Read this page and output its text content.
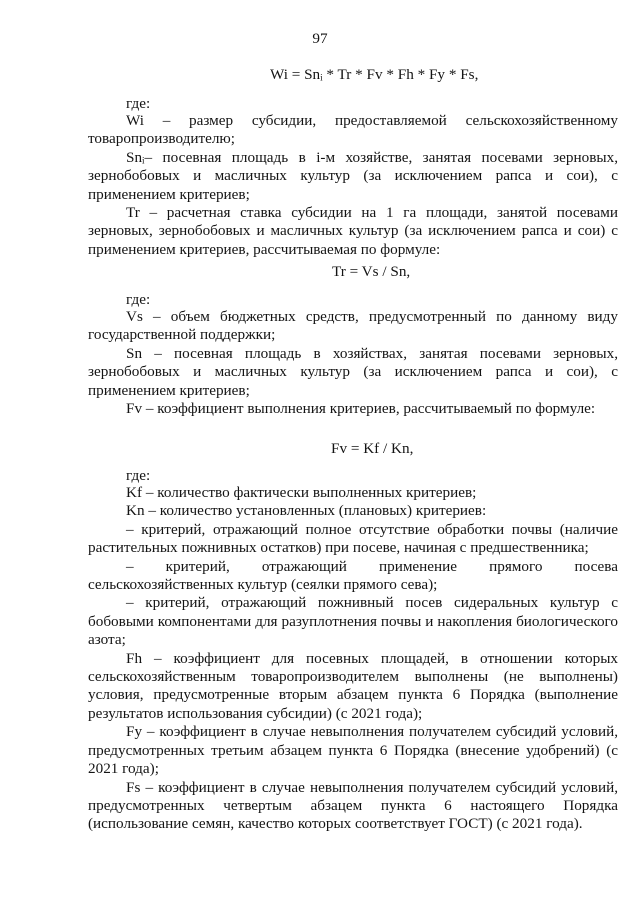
97
Wi = Snᵢ * Tr * Fv * Fh * Fy * Fs,
где:

Wi – размер субсидии, предоставляемой сельскохозяйственному товаропроизводителю;

Snᵢ– посевная площадь в i-м хозяйстве, занятая посевами зерновых, зернобобовых и масличных культур (за исключением рапса и сои), с применением критериев;

Tr – расчетная ставка субсидии на 1 га площади, занятой посевами зерновых, зернобобовых и масличных культур (за исключением рапса и сои) с применением критериев, рассчитываемая по формуле:

Tr = Vs / Sn,
где:

Vs – объем бюджетных средств, предусмотренный по данному виду государственной поддержки;

Sn – посевная площадь в хозяйствах, занятая посевами зерновых, зернобобовых и масличных культур (за исключением рапса и сои), с применением критериев;

Fv – коэффициент выполнения критериев, рассчитываемый по формуле:

Fv = Kf / Kn,
где:

Kf – количество фактически выполненных критериев;

Kn – количество установленных (плановых) критериев:

– критерий, отражающий полное отсутствие обработки почвы (наличие растительных пожнивных остатков) при посеве, начиная с предшественника;

– критерий, отражающий применение прямого посева сельскохозяйственных культур (сеялки прямого сева);

– критерий, отражающий пожнивный посев сидеральных культур с бобовыми компонентами для разуплотнения почвы и накопления биологического азота;

Fh – коэффициент для посевных площадей, в отношении которых сельскохозяйственным товаропроизводителем выполнены (не выполнены) условия, предусмотренные вторым абзацем пункта 6 Порядка (выполнение результатов использования субсидии) (с 2021 года);

Fy – коэффициент в случае невыполнения получателем субсидий условий, предусмотренных третьим абзацем пункта 6 Порядка (внесение удобрений) (с 2021 года);

Fs – коэффициент в случае невыполнения получателем субсидий условий, предусмотренных четвертым абзацем пункта 6 настоящего Порядка (использование семян, качество которых соответствует ГОСТ) (с 2021 года).
